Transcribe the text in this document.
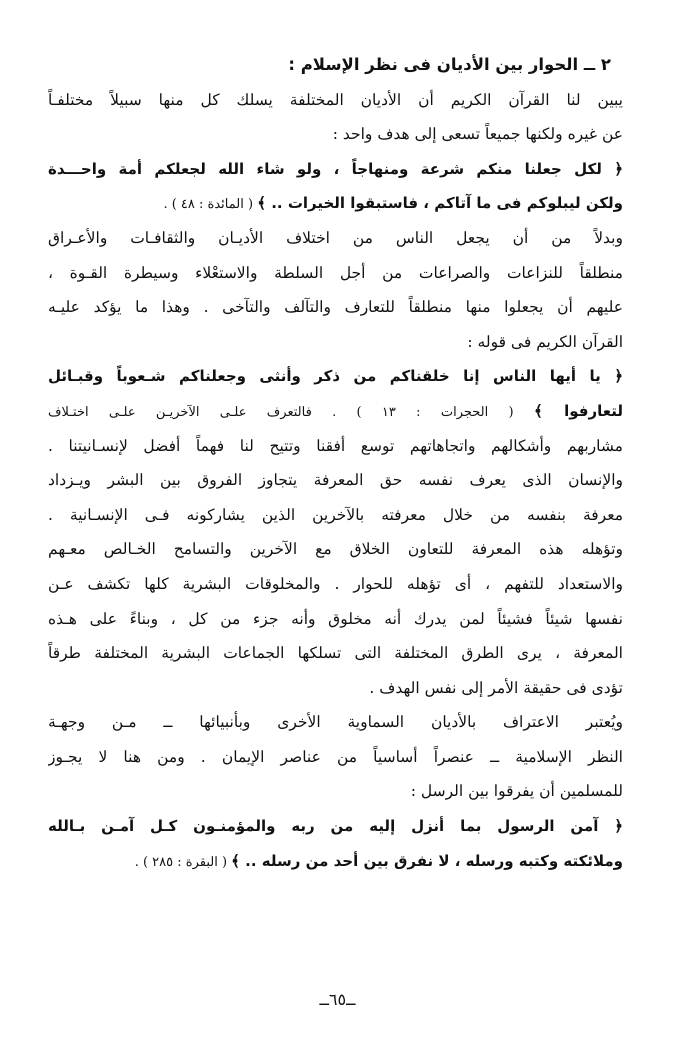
٢ ــ الحوار بين الأديان فى نظر الإسلام :
يبين لنا القرآن الكريم أن الأديان المختلفة يسلك كل منها سبيلاً مختلفـاً
عن غيره ولكنها جميعاً تسعى إلى هدف واحد :
﴿ لكل جعلنا منكم شرعة ومنهاجاً ، ولو شاء الله لجعلكم أمة واحـــدة
ولكن ليبلوكم فى ما آتاكم ، فاستبقوا الخيرات .. ﴾ ( المائدة : ٤٨ ) .
وبدلاً من أن يجعل الناس من اختلاف الأديـان والثقافـات والأعـراق
منطلقاً للنزاعات والصراعات من أجل السلطة والاستعْلاء وسيطرة القـوة ،
عليهم أن يجعلوا منها منطلقاً للتعارف والتآلف والتآخى . وهذا ما يؤكد عليـه
القرآن الكريم فى قوله :
﴿ يا أيها الناس إنا خلقناكم من ذكر وأنثى وجعلناكم شـعوباً وقبـائل
لتعارفوا ﴾ ( الحجرات : ١٣ ) . فالتعرف علـى الآخريـن علـى اختـلاف
مشاربهم وأشكالهم واتجاهاتهم توسع أفقنا وتتيح لنا فهماً أفضل لإنسـانيتنا .
والإنسان الذى يعرف نفسه حق المعرفة يتجاوز الفروق بين البشر ويـزداد
معرفة بنفسه من خلال معرفته بالآخرين الذين يشاركونه فـى الإنسـانية .
وتؤهله هذه المعرفة للتعاون الخلاق مع الآخرين والتسامح الخـالص معـهم
والاستعداد للتفهم ، أى تؤهله للحوار . والمخلوقات البشرية كلها تكشف عـن
نفسها شيئاً فشيئاً لمن يدرك أنه مخلوق وأنه جزء من كل ، وبناءً على هـذه
المعرفة ، يرى الطرق المختلفة التى تسلكها الجماعات البشرية المختلفة طرقاً
تؤدى فى حقيقة الأمر إلى نفس الهدف .
ويُعتبر الاعتراف بالأديان السماوية الأخرى وبأنبيائها ــ مـن وجهـة
النظر الإسلامية ــ عنصراً أساسياً من عناصر الإيمان . ومن هنا لا يجـوز
للمسلمين أن يفرقوا بين الرسل :
﴿ آمن الرسول بما أنزل إليه من ربه والمؤمنـون كـل آمـن بـالله
وملائكته وكتبه ورسله ، لا نفرق بين أحد من رسله .. ﴾ ( البقرة : ٢٨٥ ) .
ــ٦٥ــ
